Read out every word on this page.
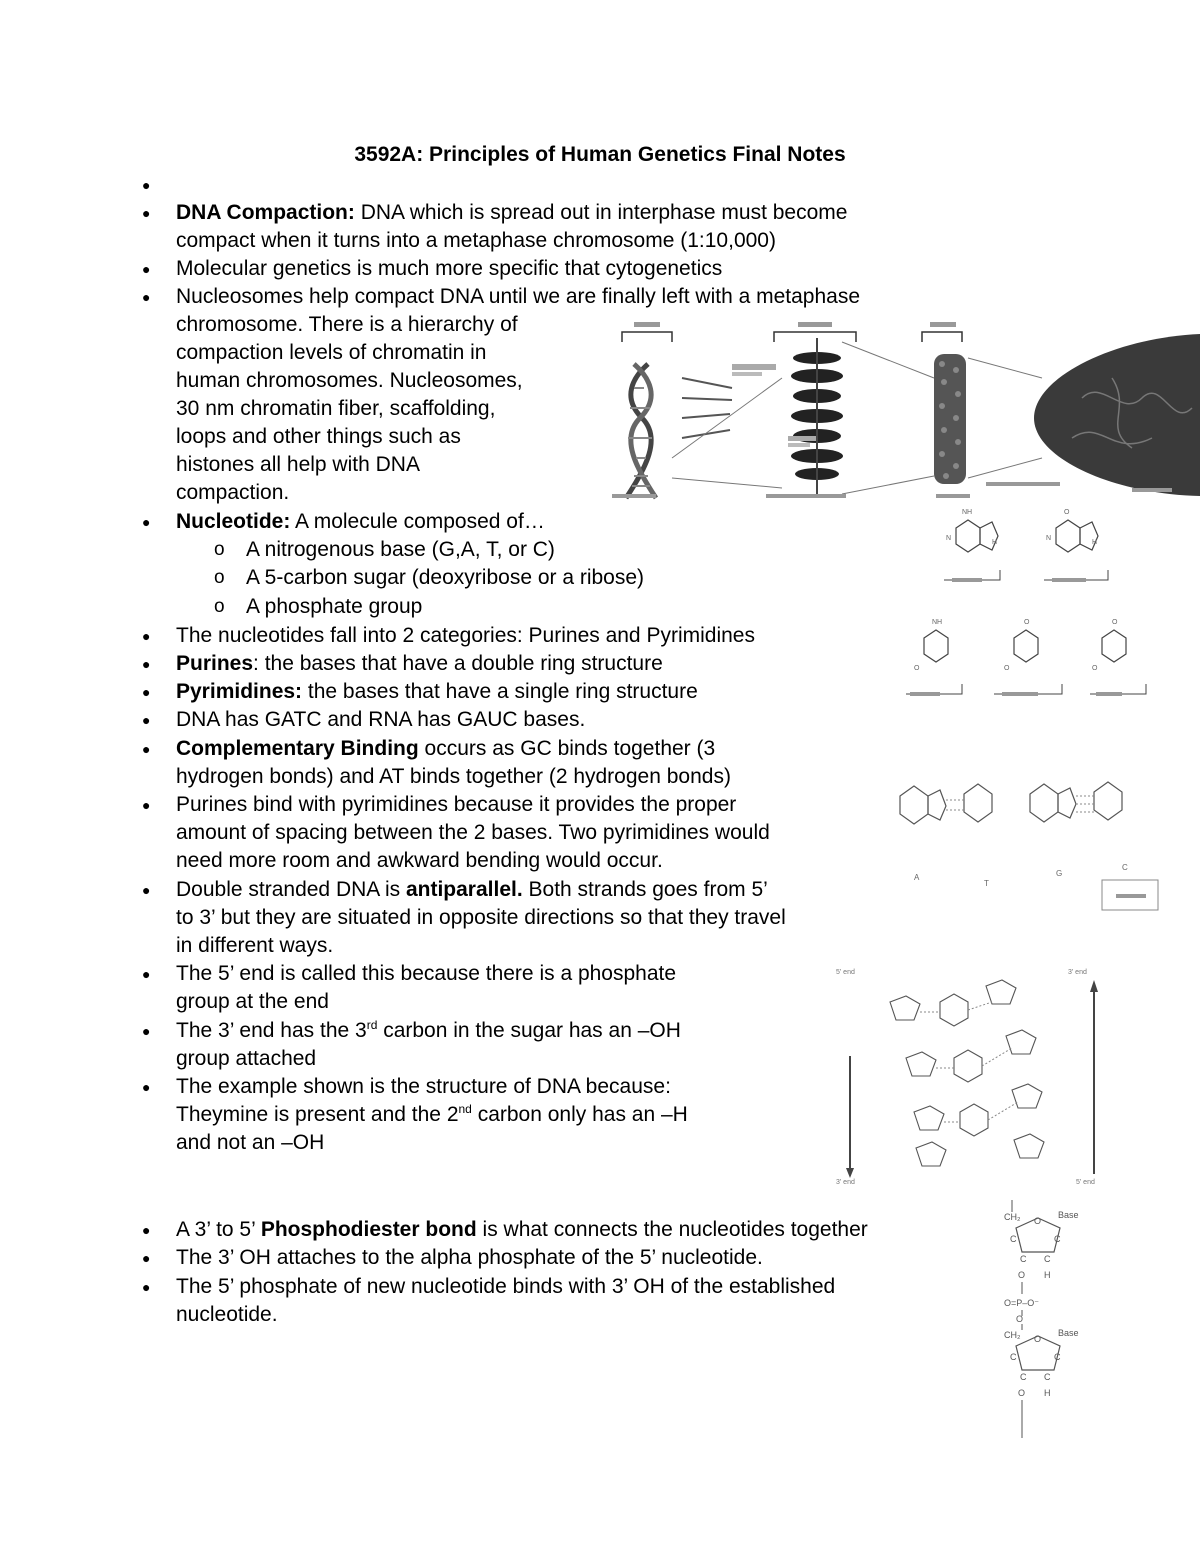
3592A: Principles of Human Genetics Final Notes
●
● DNA Compaction: DNA which is spread out in interphase must become
compact when it turns into a metaphase chromosome (1:10,000)
● Molecular genetics is much more specific that cytogenetics
● Nucleosomes help compact DNA until we are finally left with a metaphase
chromosome. There is a hierarchy of
compaction levels of chromatin in
human chromosomes. Nucleosomes,
30 nm chromatin fiber, scaffolding,
loops and other things such as
histones all help with DNA
compaction.
● Nucleotide: A molecule composed of…
o A nitrogenous base (G,A, T, or C)
o A 5-carbon sugar (deoxyribose or a ribose)
o A phosphate group
● The nucleotides fall into 2 categories: Purines and Pyrimidines
● Purines: the bases that have a double ring structure
● Pyrimidines: the bases that have a single ring structure
● DNA has GATC and RNA has GAUC bases.
● Complementary Binding occurs as GC binds together (3
hydrogen bonds) and AT binds together (2 hydrogen bonds)
● Purines bind with pyrimidines because it provides the proper
amount of spacing between the 2 bases. Two pyrimidines would
need more room and awkward bending would occur.
● Double stranded DNA is antiparallel. Both strands goes from 5’
to 3’ but they are situated in opposite directions so that they travel
in different ways.
● The 5’ end is called this because there is a phosphate
group at the end
● The 3’ end has the 3rd carbon in the sugar has an –OH
group attached
● The example shown is the structure of DNA because:
Theymine is present and the 2nd carbon only has an –H
and not an –OH
● A 3’ to 5’ Phosphodiester bond is what connects the nucleotides together
● The 3’ OH attaches to the alpha phosphate of the 5’ nucleotide.
● The 5’ phosphate of new nucleotide binds with 3’ OH of the established
nucleotide.
N
NH
H
N
O
H
NH	O	O
O	O	O
A
T
G
C
5' end	3' end
3' end	5' end
CH₂ O
Base
C	C
C C
O H
O=P–O⁻
O
CH₂ O
Base
C	C
C C
O H
